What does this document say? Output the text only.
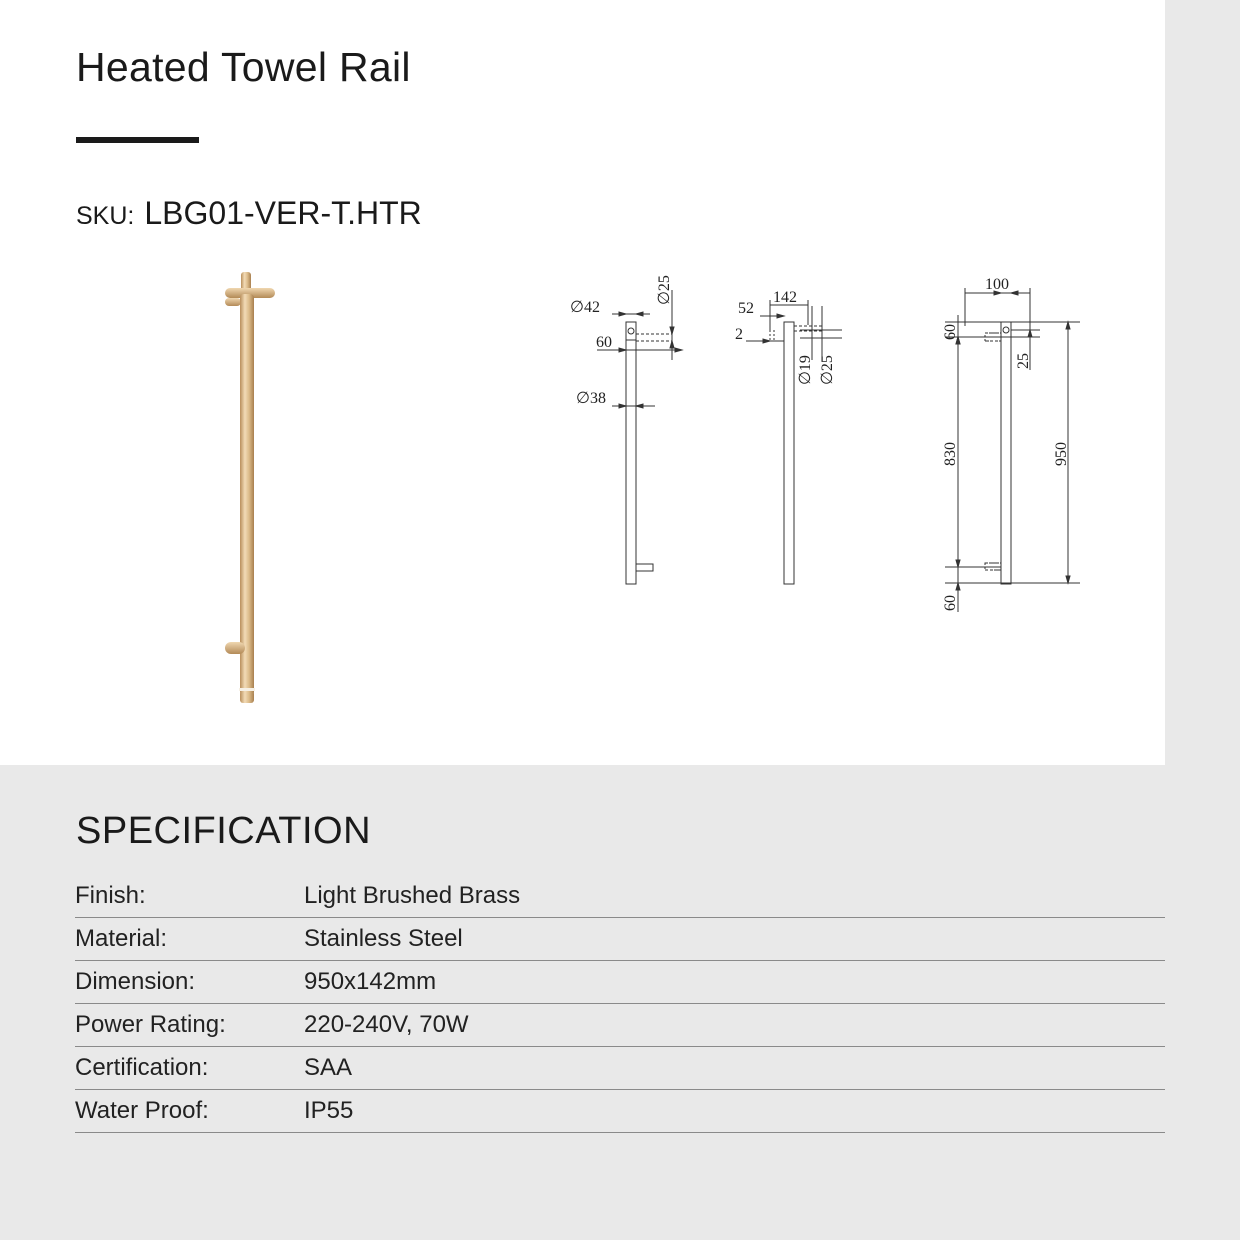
Heated Towel Rail
SKU: LBG01-VER-T.HTR
∅42
∅25
60
∅38
142
52
2
∅19 ∅25
100
60
25
830	950
60
SPECIFICATION
Finish:	Light Brushed Brass
Material:	Stainless Steel
Dimension:	950x142mm
Power Rating:	220-240V, 70W
Certification:	SAA
Water Proof:	IP55
